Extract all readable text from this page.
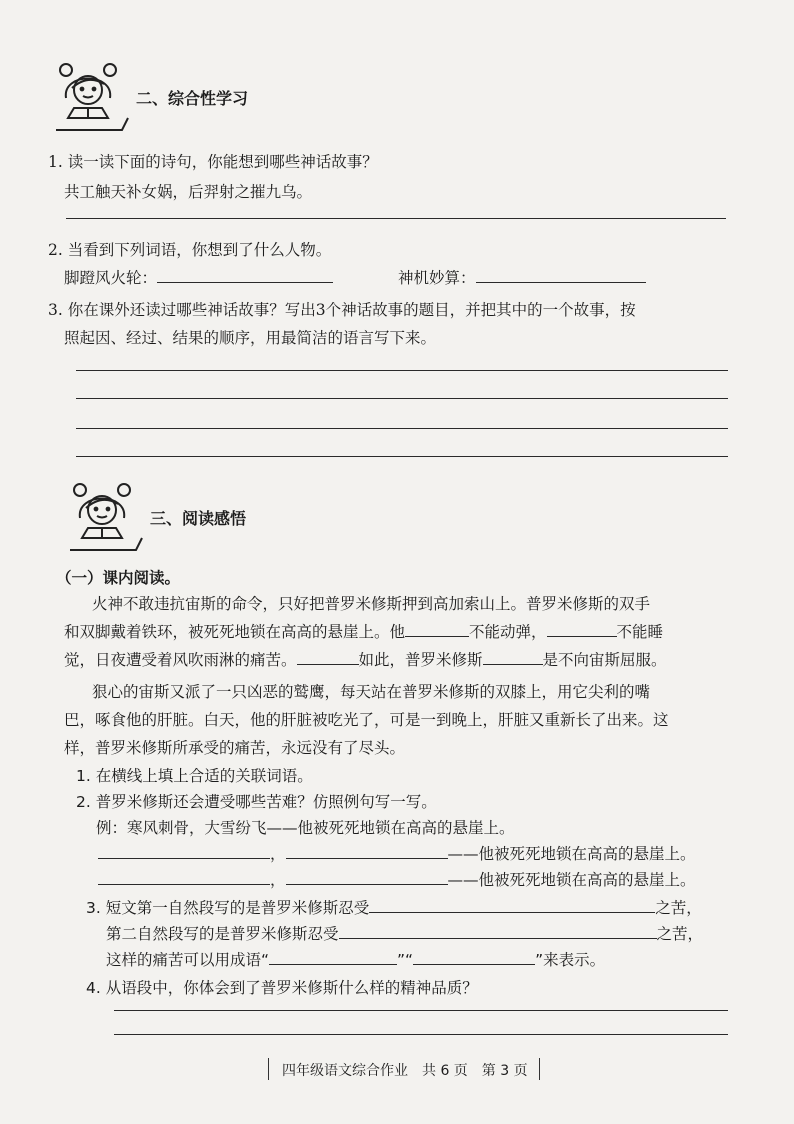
二、综合性学习
1. 读一读下面的诗句，你能想到哪些神话故事？
共工触天补女娲，后羿射之摧九乌。
2. 当看到下列词语，你想到了什么人物。
脚蹬风火轮：	神机妙算：
3. 你在课外还读过哪些神话故事？写出3个神话故事的题目，并把其中的一个故事，按
照起因、经过、结果的顺序，用最简洁的语言写下来。
三、阅读感悟
（一）课内阅读。
火神不敢违抗宙斯的命令，只好把普罗米修斯押到高加索山上。普罗米修斯的双手
和双脚戴着铁环，被死死地锁在高高的悬崖上。他	不能动弹，	不能睡
觉，日夜遭受着风吹雨淋的痛苦。	如此，普罗米修斯	是不向宙斯屈服。
狠心的宙斯又派了一只凶恶的鹫鹰，每天站在普罗米修斯的双膝上，用它尖利的嘴
巴，啄食他的肝脏。白天，他的肝脏被吃光了，可是一到晚上，肝脏又重新长了出来。这
样，普罗米修斯所承受的痛苦，永远没有了尽头。
1. 在横线上填上合适的关联词语。
2. 普罗米修斯还会遭受哪些苦难？仿照例句写一写。
例：寒风刺骨，大雪纷飞——他被死死地锁在高高的悬崖上。
，	——他被死死地锁在高高的悬崖上。
，	——他被死死地锁在高高的悬崖上。
3. 短文第一自然段写的是普罗米修斯忍受	之苦，
第二自然段写的是普罗米修斯忍受	之苦，
这样的痛苦可以用成语“	”“	”来表示。
4. 从语段中，你体会到了普罗米修斯什么样的精神品质？
四年级语文综合作业　共 6 页　第 3 页
